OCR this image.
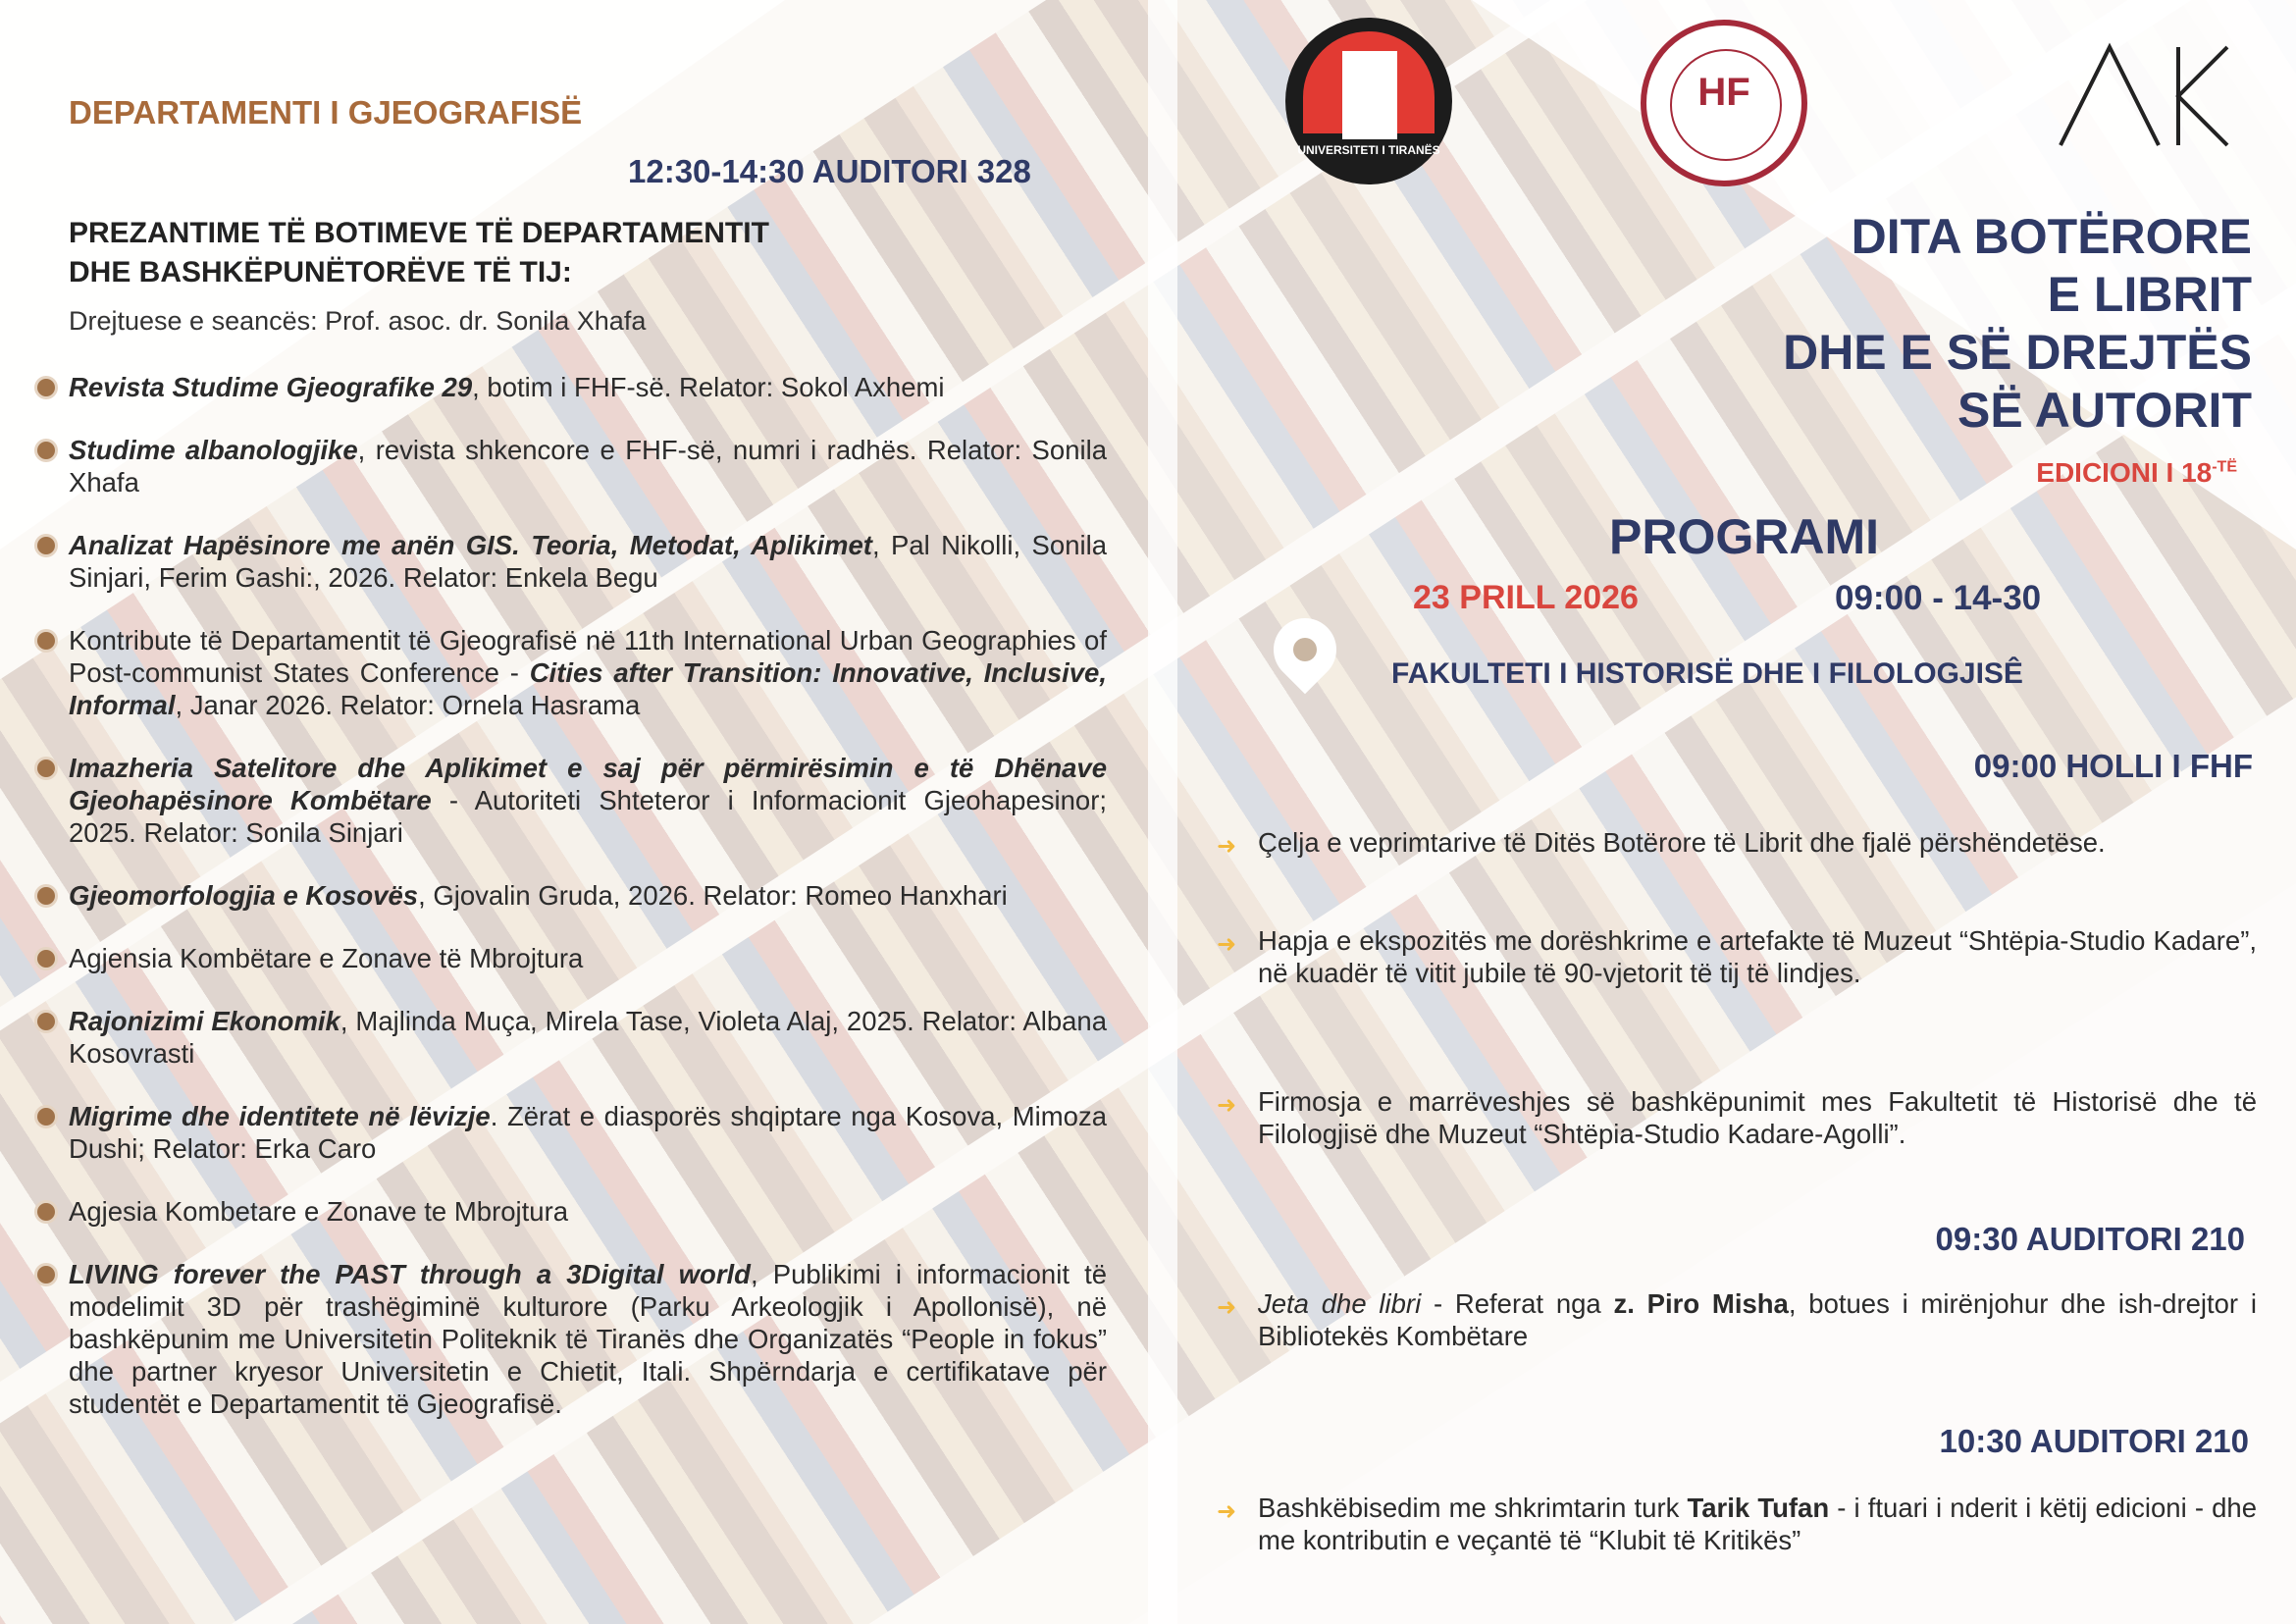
UNIVERSITETI I TIRANËS
HF
DEPARTAMENTI I GJEOGRAFISË
12:30-14:30 AUDITORI 328
PREZANTIME TË BOTIMEVE TË DEPARTAMENTIT
DHE BASHKËPUNËTORËVE TË TIJ:
Drejtuese e seancës: Prof. asoc. dr. Sonila Xhafa
Revista Studime Gjeografike 29, botim i FHF-së. Relator: Sokol Axhemi
Studime albanologjike, revista shkencore e FHF-së, numri i radhës. Relator: Sonila Xhafa
Analizat Hapësinore me anën GIS. Teoria, Metodat, Aplikimet, Pal Nikolli, Sonila Sinjari, Ferim Gashi:, 2026. Relator: Enkela Begu
Kontribute të Departamentit të Gjeografisë në 11th International Urban Geographies of Post-communist States Conference - Cities after Transition: Innovative, Inclusive, Informal, Janar 2026. Relator: Ornela Hasrama
Imazheria Satelitore dhe Aplikimet e saj për përmirësimin e të Dhënave Gjeohapësinore Kombëtare - Autoriteti Shteteror i Informacionit Gjeohapesinor; 2025. Relator: Sonila Sinjari
Gjeomorfologjia e Kosovës, Gjovalin Gruda, 2026. Relator: Romeo Hanxhari
Agjensia Kombëtare e Zonave të Mbrojtura
Rajonizimi Ekonomik, Majlinda Muça, Mirela Tase, Violeta Alaj, 2025. Relator: Albana Kosovrasti
Migrime dhe identitete në lëvizje. Zërat e diasporës shqiptare nga Kosova, Mimoza Dushi; Relator: Erka Caro
Agjesia Kombetare e Zonave te Mbrojtura
LIVING forever the PAST through a 3Digital world, Publikimi i informacionit të modelimit 3D për trashëgiminë kulturore (Parku Arkeologjik i Apollonisë), në bashkëpunim me Universitetin Politeknik të Tiranës dhe Organizatës “People in fokus” dhe partner kryesor Universitetin e Chietit, Itali. Shpërndarja e certifikatave për studentët e Departamentit të Gjeografisë.
DITA BOTËRORE
E LIBRIT
DHE E SË DREJTËS
SË AUTORIT
EDICIONI I $18^{-TË}$
PROGRAMI
23 PRILL 2026	09:00 - 14-30
FAKULTETI I HISTORISË DHE I FILOLOGJISÊ
09:00 HOLLI I FHF
➜ Çelja e veprimtarive të Ditës Botërore të Librit dhe fjalë përshëndetëse.
➜ Hapja e ekspozitës me dorëshkrime e artefakte të Muzeut “Shtëpia-Studio Kadare”, në kuadër të vitit jubile të 90-vjetorit të tij të lindjes.
➜ Firmosja e marrëveshjes së bashkëpunimit mes Fakultetit të Historisë dhe të Filologjisë dhe Muzeut “Shtëpia-Studio Kadare-Agolli”.
09:30 AUDITORI 210
➜ Jeta dhe libri - Referat nga z. Piro Misha, botues i mirënjohur dhe ish-drejtor i Bibliotekës Kombëtare
10:30 AUDITORI 210
➜ Bashkëbisedim me shkrimtarin turk Tarik Tufan - i ftuari i nderit i këtij edicioni - dhe me kontributin e veçantë të “Klubit të Kritikës”
